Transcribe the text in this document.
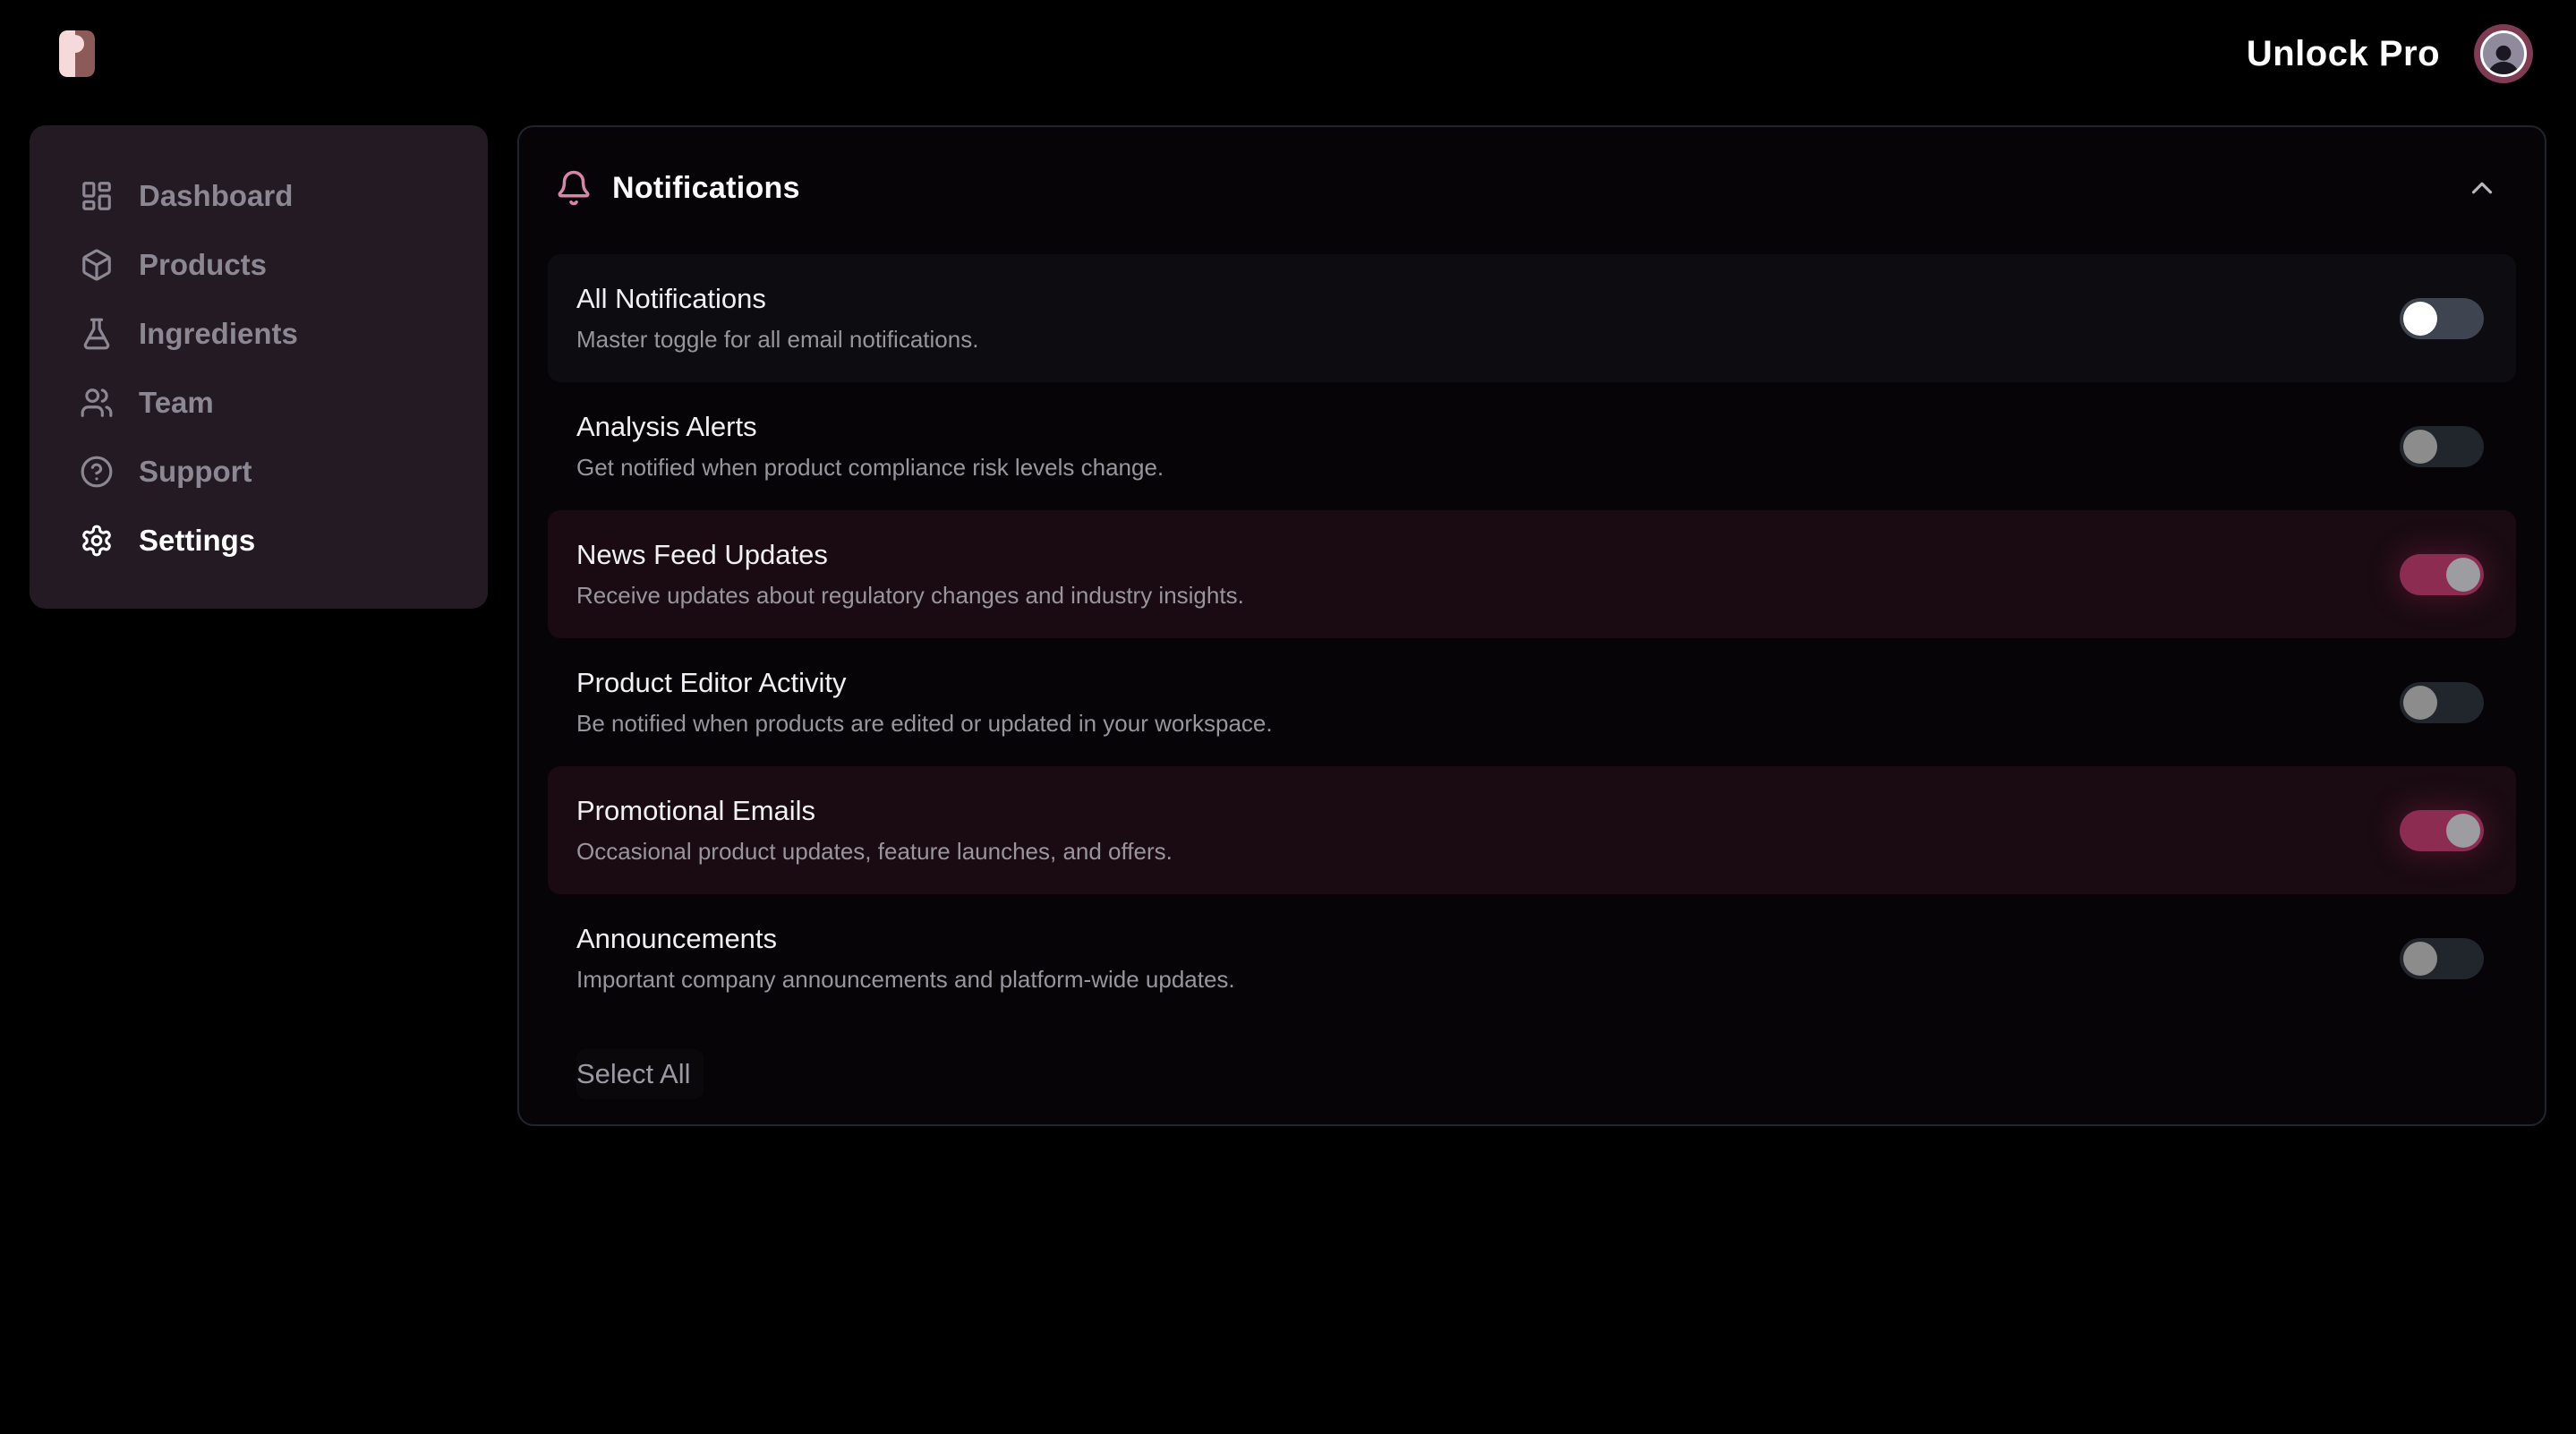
Unlock Pro
Dashboard
Products
Ingredients
Team
Support
Settings
Notifications
All Notifications
Master toggle for all email notifications.
Analysis Alerts
Get notified when product compliance risk levels change.
News Feed Updates
Receive updates about regulatory changes and industry insights.
Product Editor Activity
Be notified when products are edited or updated in your workspace.
Promotional Emails
Occasional product updates, feature launches, and offers.
Announcements
Important company announcements and platform-wide updates.
Select All
